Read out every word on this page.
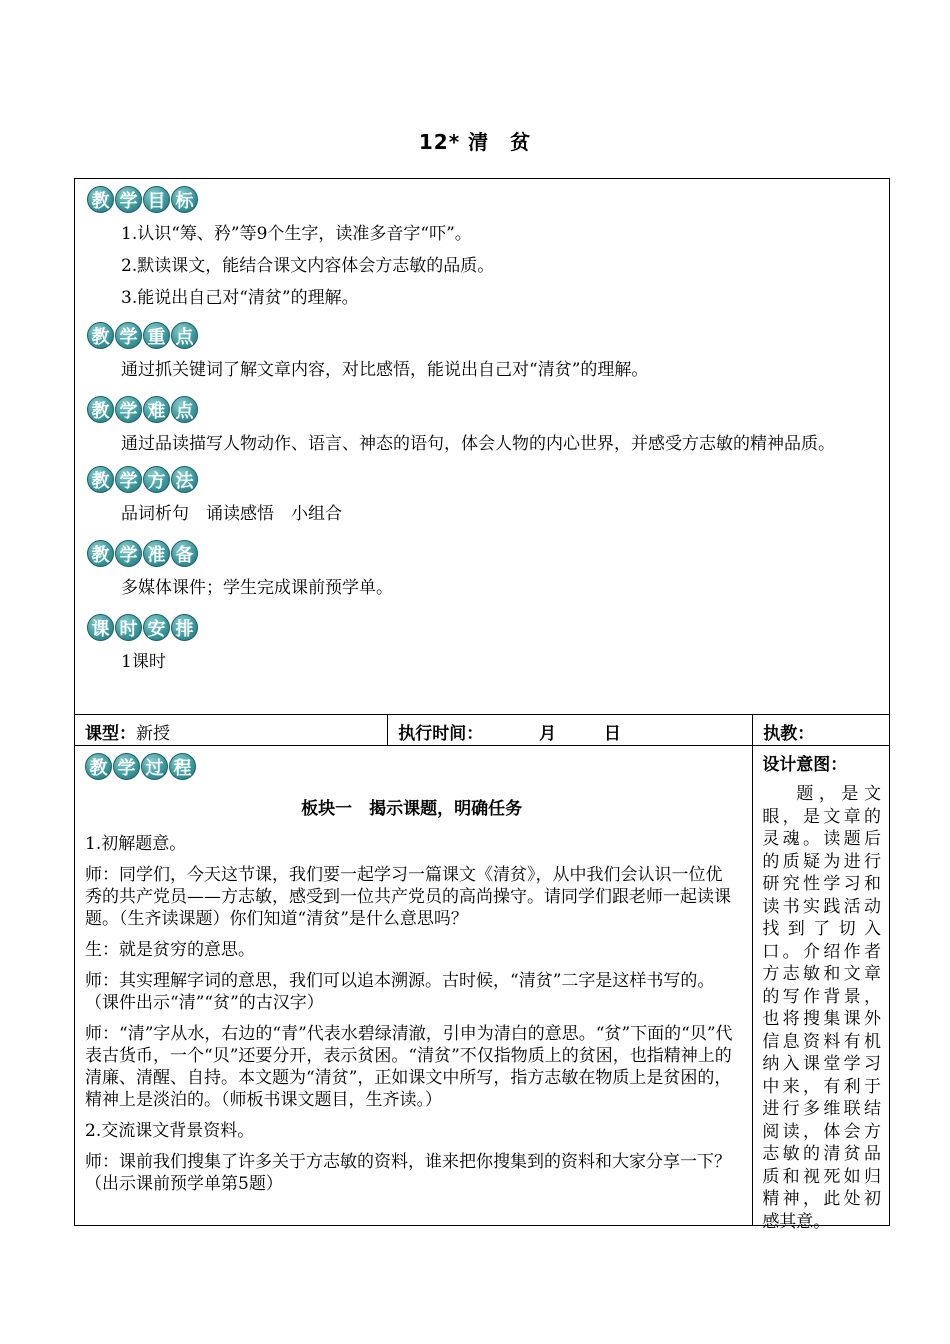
12* 清　贫
教 学 目 标

1.认识“筹、矜”等9个生字，读准多音字“吓”。

2.默读课文，能结合课文内容体会方志敏的品质。

3.能说出自己对“清贫”的理解。

教 学 重 点

通过抓关键词了解文章内容，对比感悟，能说出自己对“清贫”的理解。

教 学 难 点

通过品读描写人物动作、语言、神态的语句，体会人物的内心世界，并感受方志敏的精神品质。

教 学 方 法

品词析句　诵读感悟　小组合

教 学 准 备

多媒体课件；学生完成课前预学单。

课 时 安 排

1课时

课型：新授	执行时间：	月	日	执教：
教 学 过 程
板块一　揭示课题，明确任务

1.初解题意。

师：同学们，今天这节课，我们要一起学习一篇课文《清贫》，从中我们会认识一位优秀的共产党员——方志敏，感受到一位共产党员的高尚操守。请同学们跟老师一起读课题。（生齐读课题）你们知道“清贫”是什么意思吗？

生：就是贫穷的意思。

师：其实理解字词的意思，我们可以追本溯源。古时候，“清贫”二字是这样书写的。（课件出示“清”“贫”的古汉字）

师：“清”字从水，右边的“青”代表水碧绿清澈，引申为清白的意思。“贫”下面的“贝”代表古货币，一个“贝”还要分开，表示贫困。“清贫”不仅指物质上的贫困，也指精神上的清廉、清醒、自持。本文题为“清贫”，正如课文中所写，指方志敏在物质上是贫困的，精神上是淡泊的。（师板书课文题目，生齐读。）

2.交流课文背景资料。

师：课前我们搜集了许多关于方志敏的资料，谁来把你搜集到的资料和大家分享一下？（出示课前预学单第5题）

设计意图：
题，是文眼，是文章的灵魂。读题后的质疑为进行研究性学习和读书实践活动找到了切入口。介绍作者方志敏和文章的写作背景，也将搜集课外信息资料有机纳入课堂学习中来，有利于进行多维联结阅读，体会方志敏的清贫品质和视死如归精神，此处初感其意。
